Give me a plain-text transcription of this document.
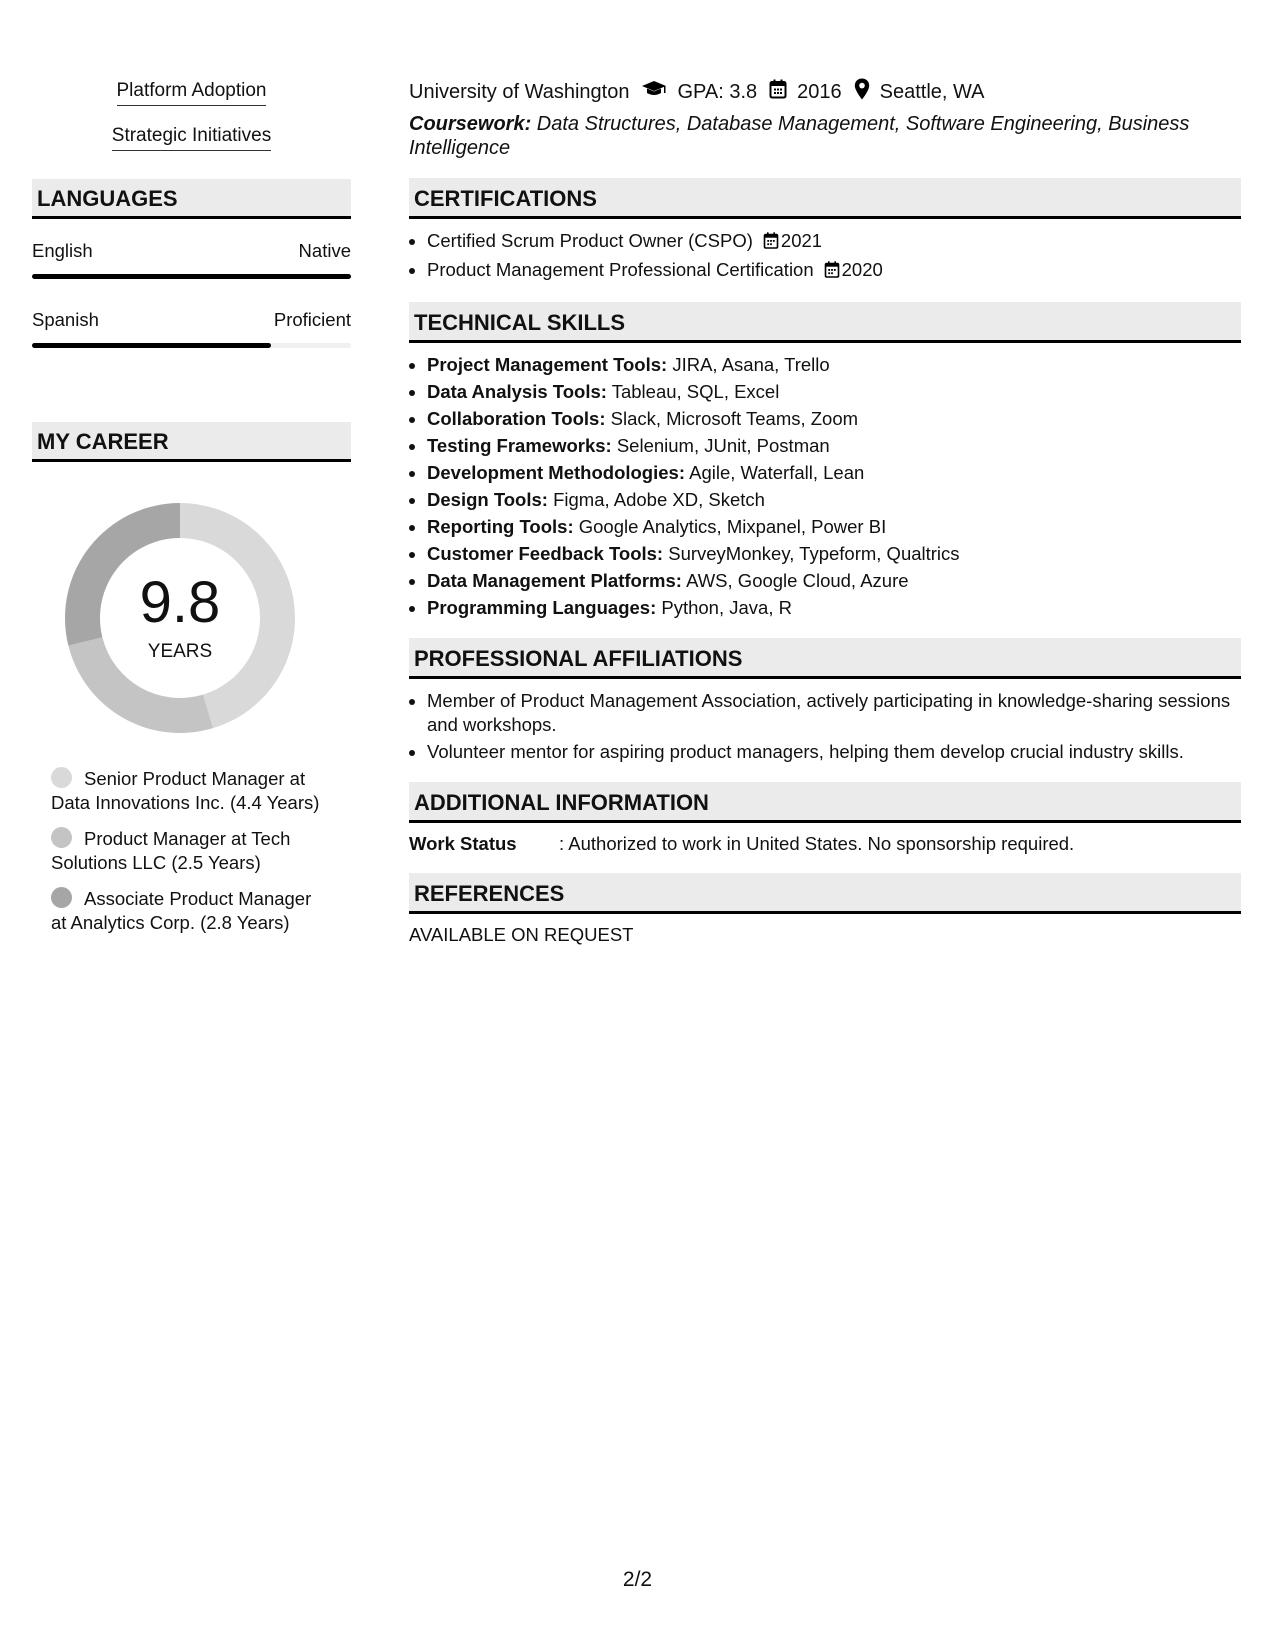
Platform Adoption
Strategic Initiatives
LANGUAGES
English	Native
Spanish	Proficient
MY CAREER
9.8
YEARS
Senior Product Manager at Data Innovations Inc. (4.4 Years)
Product Manager at Tech Solutions LLC (2.5 Years)
Associate Product Manager at Analytics Corp. (2.8 Years)
University of Washington GPA: 3.8 2016 Seattle, WA
Coursework: Data Structures, Database Management, Software Engineering, Business Intelligence
CERTIFICATIONS
• Certified Scrum Product Owner (CSPO) 2021
• Product Management Professional Certification 2020
TECHNICAL SKILLS
• Project Management Tools: JIRA, Asana, Trello
• Data Analysis Tools: Tableau, SQL, Excel
• Collaboration Tools: Slack, Microsoft Teams, Zoom
• Testing Frameworks: Selenium, JUnit, Postman
• Development Methodologies: Agile, Waterfall, Lean
• Design Tools: Figma, Adobe XD, Sketch
• Reporting Tools: Google Analytics, Mixpanel, Power BI
• Customer Feedback Tools: SurveyMonkey, Typeform, Qualtrics
• Data Management Platforms: AWS, Google Cloud, Azure
• Programming Languages: Python, Java, R
PROFESSIONAL AFFILIATIONS
• Member of Product Management Association, actively participating in knowledge-sharing sessions and workshops.
• Volunteer mentor for aspiring product managers, helping them develop crucial industry skills.
ADDITIONAL INFORMATION
Work Status	: Authorized to work in United States. No sponsorship required.
REFERENCES
AVAILABLE ON REQUEST
2/2
